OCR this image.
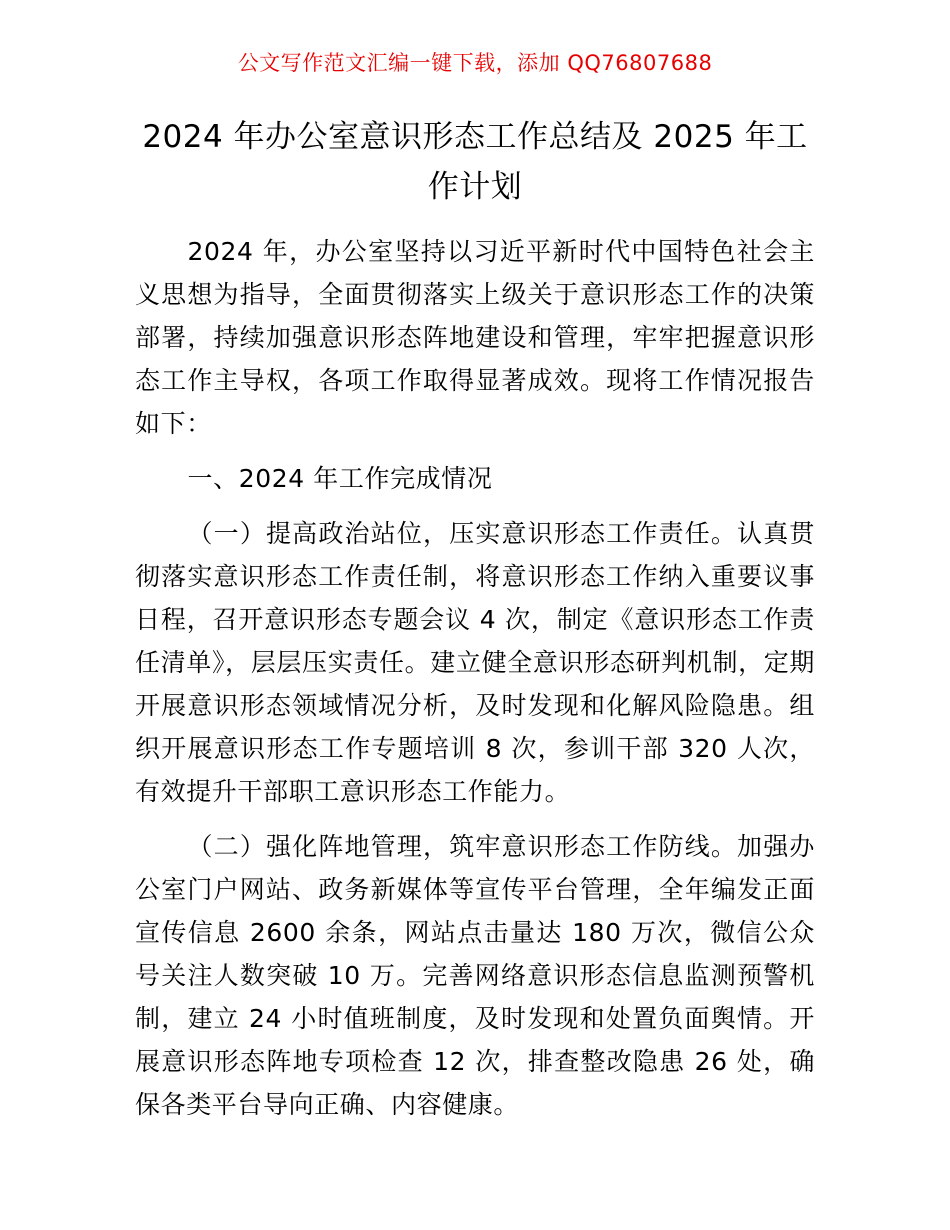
公文写作范文汇编一键下载，添加 QQ76807688
2024 年办公室意识形态工作总结及 2025 年工作计划

2024 年，办公室坚持以习近平新时代中国特色社会主义思想为指导，全面贯彻落实上级关于意识形态工作的决策部署，持续加强意识形态阵地建设和管理，牢牢把握意识形态工作主导权，各项工作取得显著成效。现将工作情况报告如下：

一、2024 年工作完成情况

（一）提高政治站位，压实意识形态工作责任。认真贯彻落实意识形态工作责任制，将意识形态工作纳入重要议事日程，召开意识形态专题会议 4 次，制定《意识形态工作责任清单》，层层压实责任。建立健全意识形态研判机制，定期开展意识形态领域情况分析，及时发现和化解风险隐患。组织开展意识形态工作专题培训 8 次，参训干部 320 人次，有效提升干部职工意识形态工作能力。

（二）强化阵地管理，筑牢意识形态工作防线。加强办公室门户网站、政务新媒体等宣传平台管理，全年编发正面宣传信息 2600 余条，网站点击量达 180 万次，微信公众号关注人数突破 10 万。完善网络意识形态信息监测预警机制，建立 24 小时值班制度，及时发现和处置负面舆情。开展意识形态阵地专项检查 12 次，排查整改隐患 26 处，确保各类平台导向正确、内容健康。
